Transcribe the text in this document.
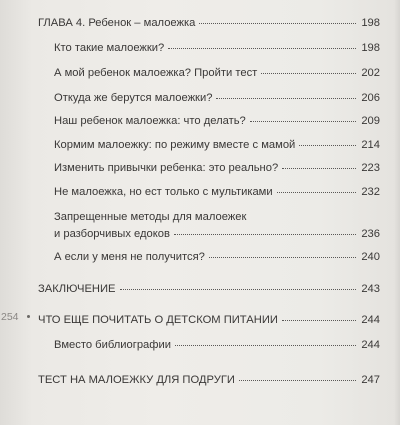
ГЛАВА 4. Ребенок – малоежка	198
Кто такие малоежки?	198
А мой ребенок малоежка? Пройти тест	202
Откуда же берутся малоежки?	206
Наш ребенок малоежка: что делать?	209
Кормим малоежку: по режиму вместе с мамой	214
Изменить привычки ребенка: это реально?	223
Не малоежка, но ест только с мультиками	232
Запрещенные методы для малоежек
и разборчивых едоков	236
А если у меня не получится?	240
ЗАКЛЮЧЕНИЕ	243
254 ЧТО ЕЩЕ ПОЧИТАТЬ О ДЕТСКОМ ПИТАНИИ	244
Вместо библиографии	244
ТЕСТ НА МАЛОЕЖКУ ДЛЯ ПОДРУГИ	247
